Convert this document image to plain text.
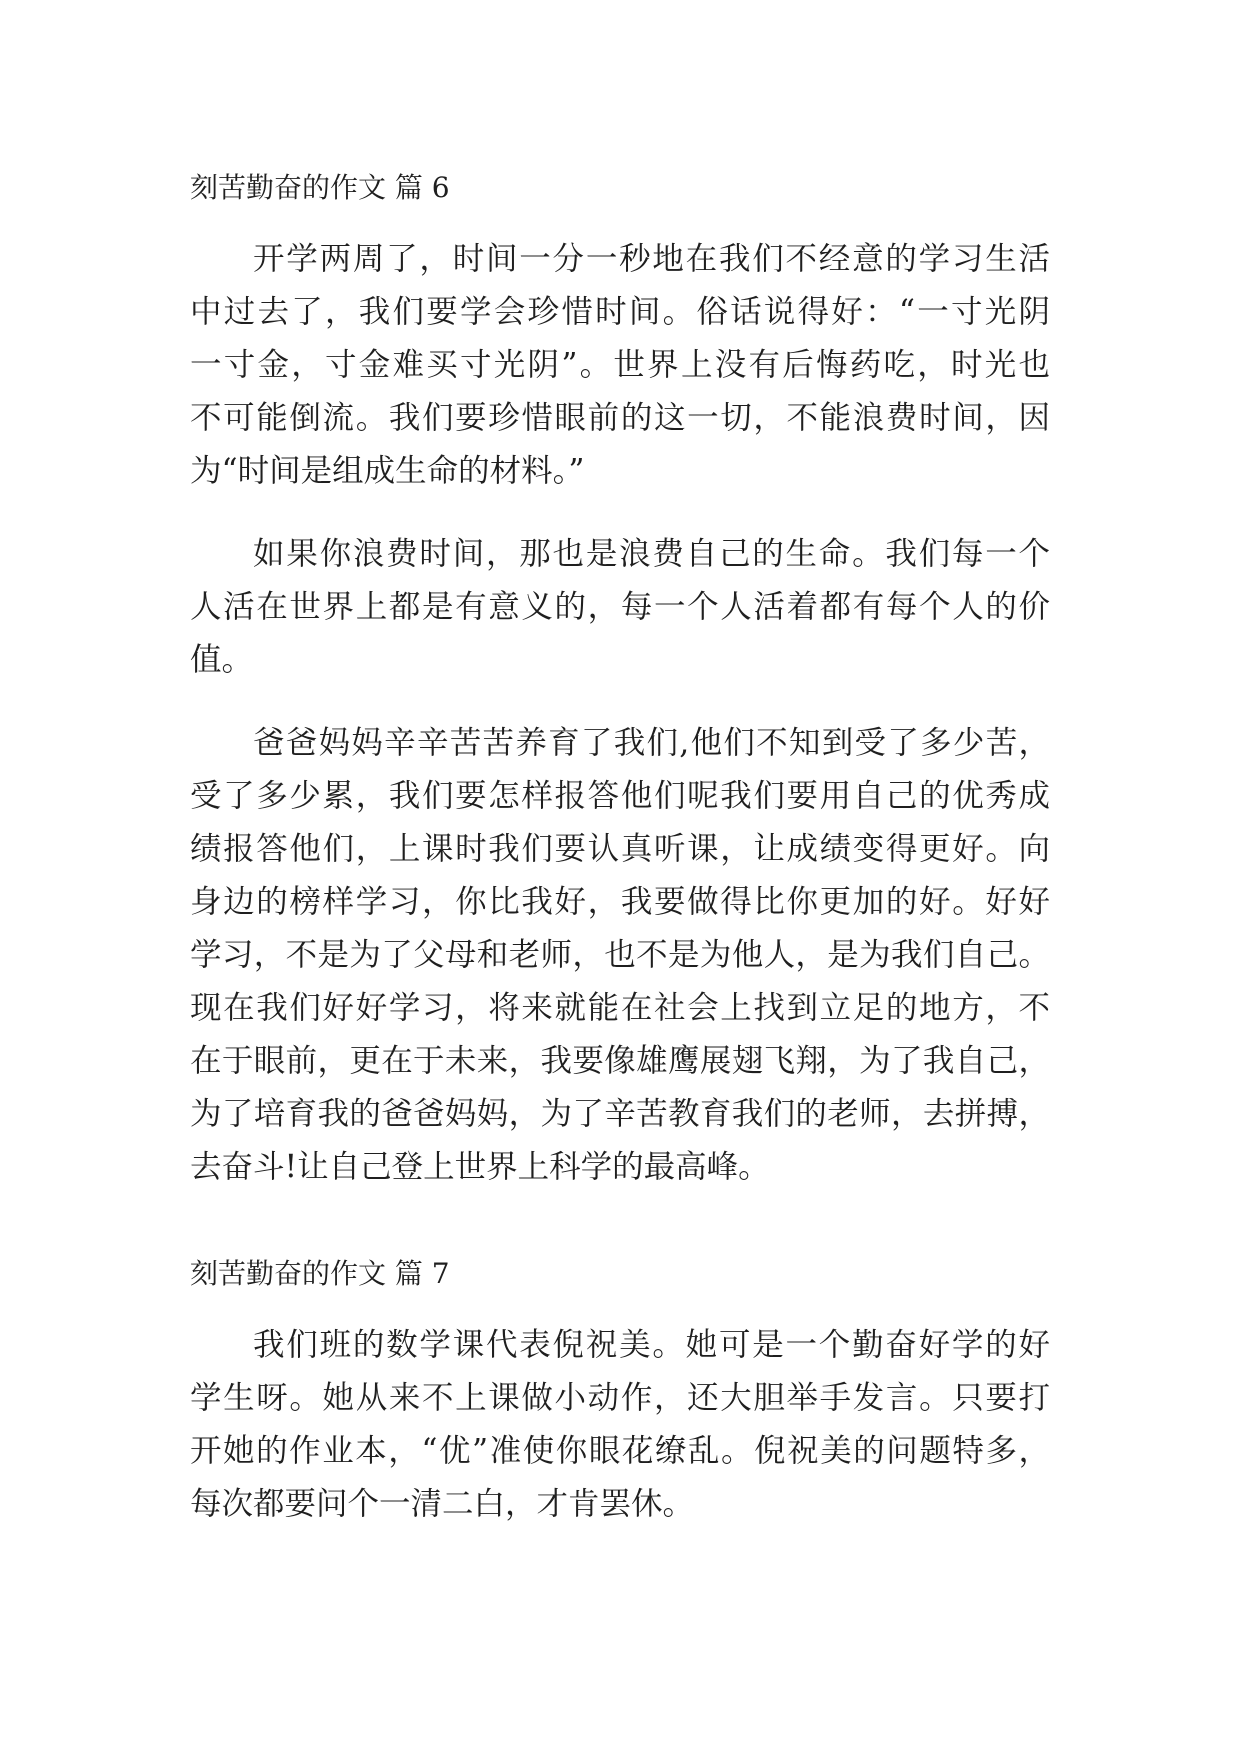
刻苦勤奋的作文 篇 6

开学两周了，时间一分一秒地在我们不经意的学习生活
中过去了，我们要学会珍惜时间。俗话说得好：“一寸光阴
一寸金，寸金难买寸光阴”。世界上没有后悔药吃，时光也
不可能倒流。我们要珍惜眼前的这一切，不能浪费时间，因
为“时间是组成生命的材料。”

如果你浪费时间，那也是浪费自己的生命。我们每一个
人活在世界上都是有意义的，每一个人活着都有每个人的价
值。

爸爸妈妈辛辛苦苦养育了我们,他们不知到受了多少苦，
受了多少累，我们要怎样报答他们呢我们要用自己的优秀成
绩报答他们，上课时我们要认真听课，让成绩变得更好。向
身边的榜样学习，你比我好，我要做得比你更加的好。好好
学习，不是为了父母和老师，也不是为他人，是为我们自己。
现在我们好好学习，将来就能在社会上找到立足的地方，不
在于眼前，更在于未来，我要像雄鹰展翅飞翔，为了我自己，
为了培育我的爸爸妈妈，为了辛苦教育我们的老师，去拼搏，
去奋斗!让自己登上世界上科学的最高峰。

刻苦勤奋的作文 篇 7

我们班的数学课代表倪祝美。她可是一个勤奋好学的好
学生呀。她从来不上课做小动作，还大胆举手发言。只要打
开她的作业本，“优”准使你眼花缭乱。倪祝美的问题特多，
每次都要问个一清二白，才肯罢休。
